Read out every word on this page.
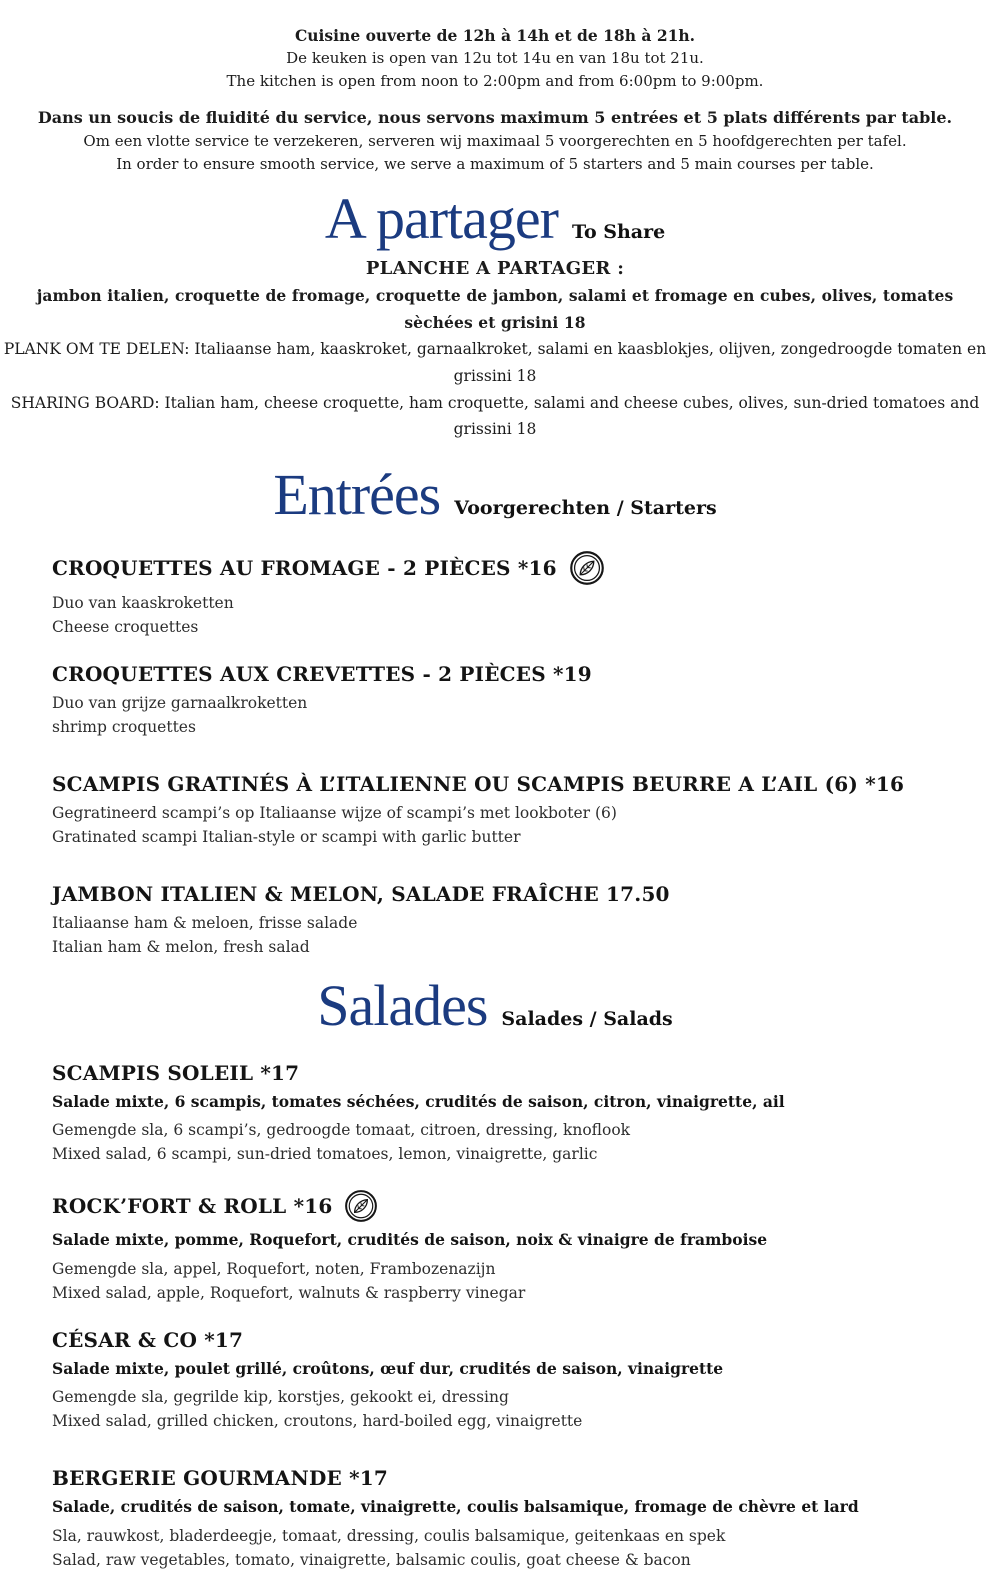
Cuisine ouverte de 12h à 14h et de 18h à 21h.

De keuken is open van 12u tot 14u en van 18u tot 21u.

The kitchen is open from noon to 2:00pm and from 6:00pm to 9:00pm.

Dans un soucis de fluidité du service, nous servons maximum 5 entrées et 5 plats différents par table.

Om een vlotte service te verzekeren, serveren wij maximaal 5 voorgerechten en 5 hoofdgerechten per tafel.

In order to ensure smooth service, we serve a maximum of 5 starters and 5 main courses per table.

A partager To Share
PLANCHE A PARTAGER :

jambon italien, croquette de fromage, croquette de jambon, salami et fromage en cubes, olives, tomates sèchées et grisini 18

PLANK OM TE DELEN: Italiaanse ham, kaaskroket, garnaalkroket, salami en kaasblokjes, olijven, zongedroogde tomaten en grissini 18

SHARING BOARD: Italian ham, cheese croquette, ham croquette, salami and cheese cubes, olives, sun-dried tomatoes and grissini 18

Entrées Voorgerechten / Starters
CROQUETTES AU FROMAGE - 2 PIÈCES *16

Duo van kaaskroketten

Cheese croquettes

CROQUETTES AUX CREVETTES - 2 PIÈCES *19

Duo van grijze garnaalkroketten

shrimp croquettes

SCAMPIS GRATINÉS À L’ITALIENNE OU SCAMPIS BEURRE A L’AIL (6) *16

Gegratineerd scampi’s op Italiaanse wijze of scampi’s met lookboter (6)

Gratinated scampi Italian-style or scampi with garlic butter

JAMBON ITALIEN & MELON, SALADE FRAÎCHE 17.50

Italiaanse ham & meloen, frisse salade

Italian ham & melon, fresh salad

Salades Salades / Salads
SCAMPIS SOLEIL *17

Salade mixte, 6 scampis, tomates séchées, crudités de saison, citron, vinaigrette, ail

Gemengde sla, 6 scampi’s, gedroogde tomaat, citroen, dressing, knoflook

Mixed salad, 6 scampi, sun-dried tomatoes, lemon, vinaigrette, garlic

ROCK’FORT & ROLL *16

Salade mixte, pomme, Roquefort, crudités de saison, noix & vinaigre de framboise

Gemengde sla, appel, Roquefort, noten, Frambozenazijn

Mixed salad, apple, Roquefort, walnuts & raspberry vinegar

CÉSAR & CO *17

Salade mixte, poulet grillé, croûtons, œuf dur, crudités de saison, vinaigrette

Gemengde sla, gegrilde kip, korstjes, gekookt ei, dressing

Mixed salad, grilled chicken, croutons, hard-boiled egg, vinaigrette

BERGERIE GOURMANDE *17

Salade, crudités de saison, tomate, vinaigrette, coulis balsamique, fromage de chèvre et lard

Sla, rauwkost, bladerdeegje, tomaat, dressing, coulis balsamique, geitenkaas en spek

Salad, raw vegetables, tomato, vinaigrette, balsamic coulis, goat cheese & bacon
